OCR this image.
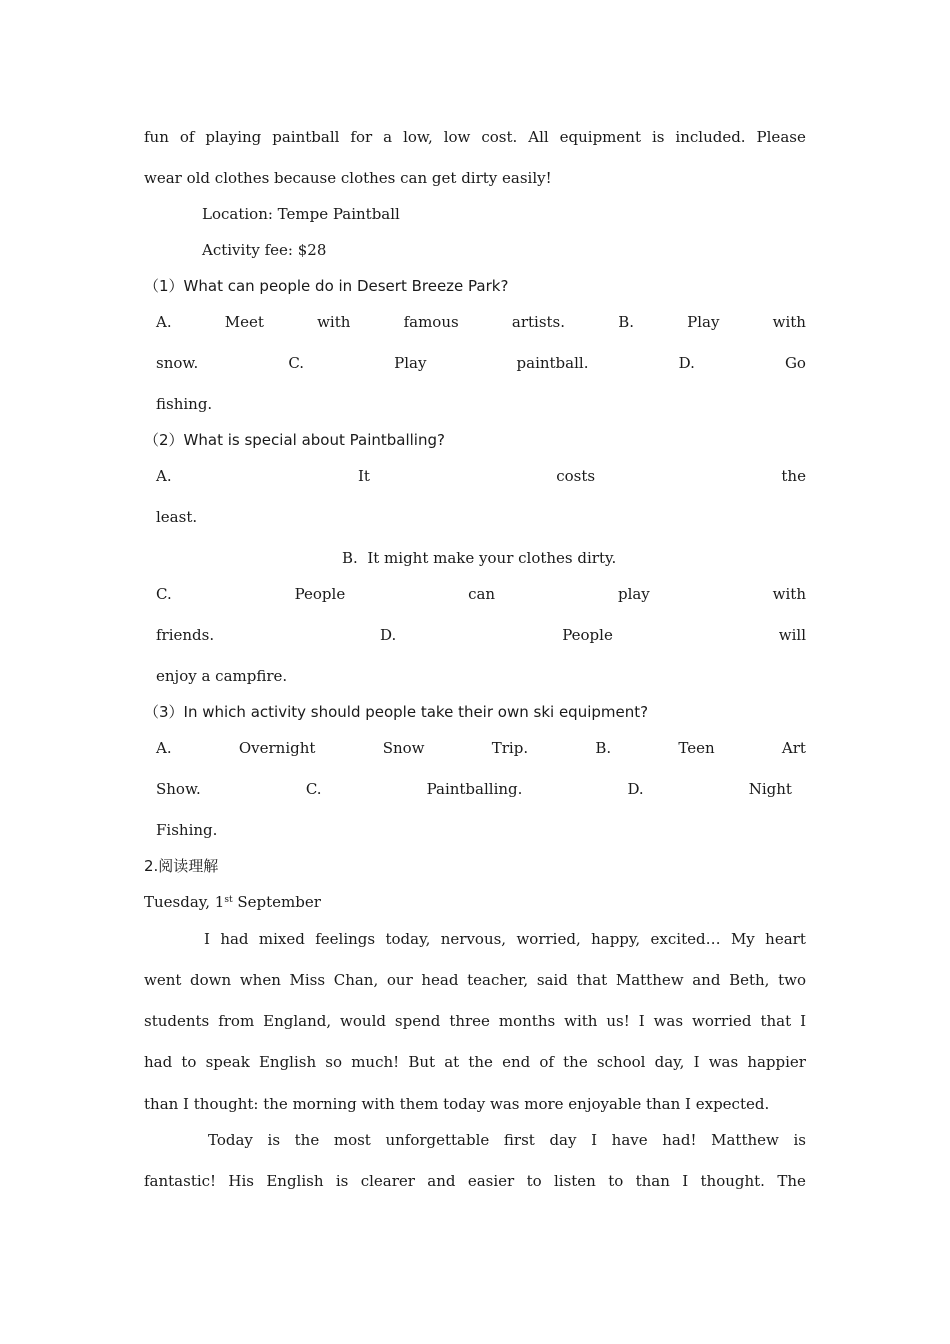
fun of playing paintball for a low, low cost. All equipment is included. Please
wear old clothes because clothes can get dirty easily!
Location: Tempe Paintball
Activity fee: $28
（1）What can people do in Desert Breeze Park?
A.	Meet	with	famous	artists.	B.	Play	with
snow.	C.	Play	paintball.	D.	Go
fishing.
（2）What is special about Paintballing?
A.	It	costs	the
least.
B.  It might make your clothes dirty.
C.	People	can	play	with
friends.	D.	People	will
enjoy a campfire.
（3）In which activity should people take their own ski equipment?
A.	Overnight	Snow	Trip.	B.	Teen	Art
Show.	C.	Paintballing.	D.	Night
Fishing.
2.阅读理解
Tuesday, 1st September
I had mixed feelings today, nervous, worried, happy, excited… My heart
went down when Miss Chan, our head teacher, said that Matthew and Beth, two
students from England, would spend three months with us! I was worried that I
had to speak English so much! But at the end of the school day, I was happier
than I thought: the morning with them today was more enjoyable than I expected.
Today is the most unforgettable first day I have had! Matthew is
fantastic! His English is clearer and easier to listen to than I thought. The
